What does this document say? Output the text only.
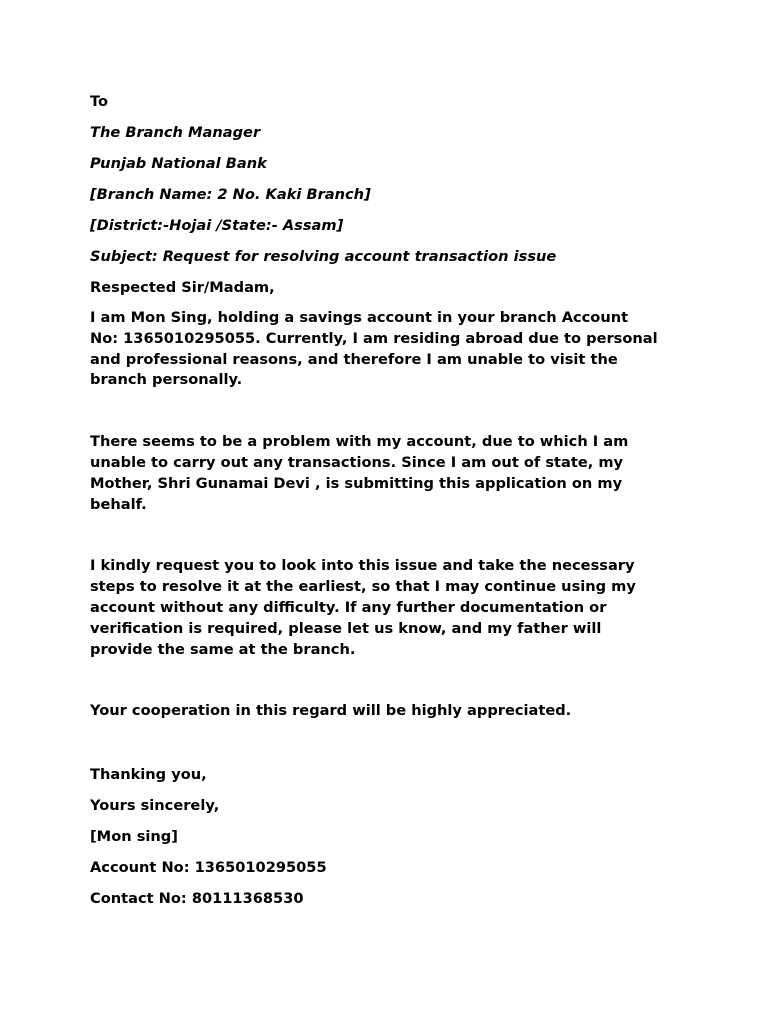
To
The Branch Manager
Punjab National Bank
[Branch Name: 2 No. Kaki Branch]
[District:-Hojai /State:- Assam]
Subject: Request for resolving account transaction issue
Respected Sir/Madam,
I am Mon Sing, holding a savings account in your branch Account
No: 1365010295055. Currently, I am residing abroad due to personal
and professional reasons, and therefore I am unable to visit the
branch personally.
There seems to be a problem with my account, due to which I am
unable to carry out any transactions. Since I am out of state, my
Mother, Shri Gunamai Devi , is submitting this application on my
behalf.
I kindly request you to look into this issue and take the necessary
steps to resolve it at the earliest, so that I may continue using my
account without any difficulty. If any further documentation or
verification is required, please let us know, and my father will
provide the same at the branch.
Your cooperation in this regard will be highly appreciated.
Thanking you,
Yours sincerely,
[Mon sing]
Account No: 1365010295055
Contact No: 80111368530
